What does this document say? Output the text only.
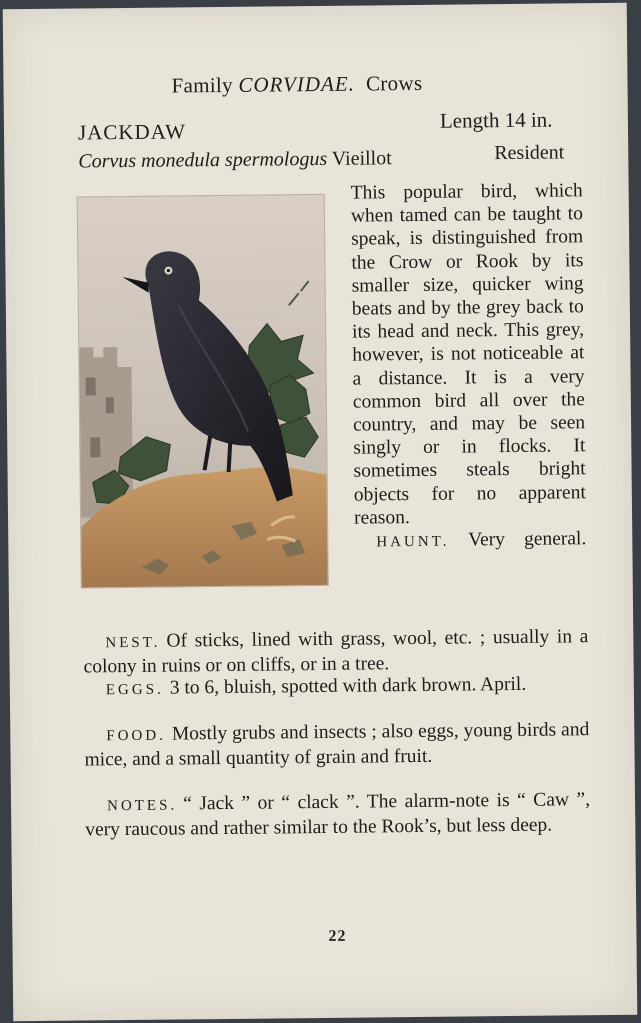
Family CORVIDAE. Crows
JACKDAW	Length 14 in.
Corvus monedula spermologus Vieillot	Resident
This popular bird, which when tamed can be taught to speak, is distinguished from the Crow or Rook by its smaller size, quicker wing beats and by the grey back to its head and neck. This grey, however, is not noticeable at a distance. It is a very common bird all over the country, and may be seen singly or in flocks. It sometimes steals bright objects for no apparent reason.
HAUNT. Very general.
NEST. Of sticks, lined with grass, wool, etc. ; usually in a colony in ruins or on cliffs, or in a tree.
EGGS. 3 to 6, bluish, spotted with dark brown. April.
FOOD. Mostly grubs and insects ; also eggs, young birds and mice, and a small quantity of grain and fruit.
NOTES. “ Jack ” or “ clack ”. The alarm-note is “ Caw ”, very raucous and rather similar to the Rook’s, but less deep.
22
